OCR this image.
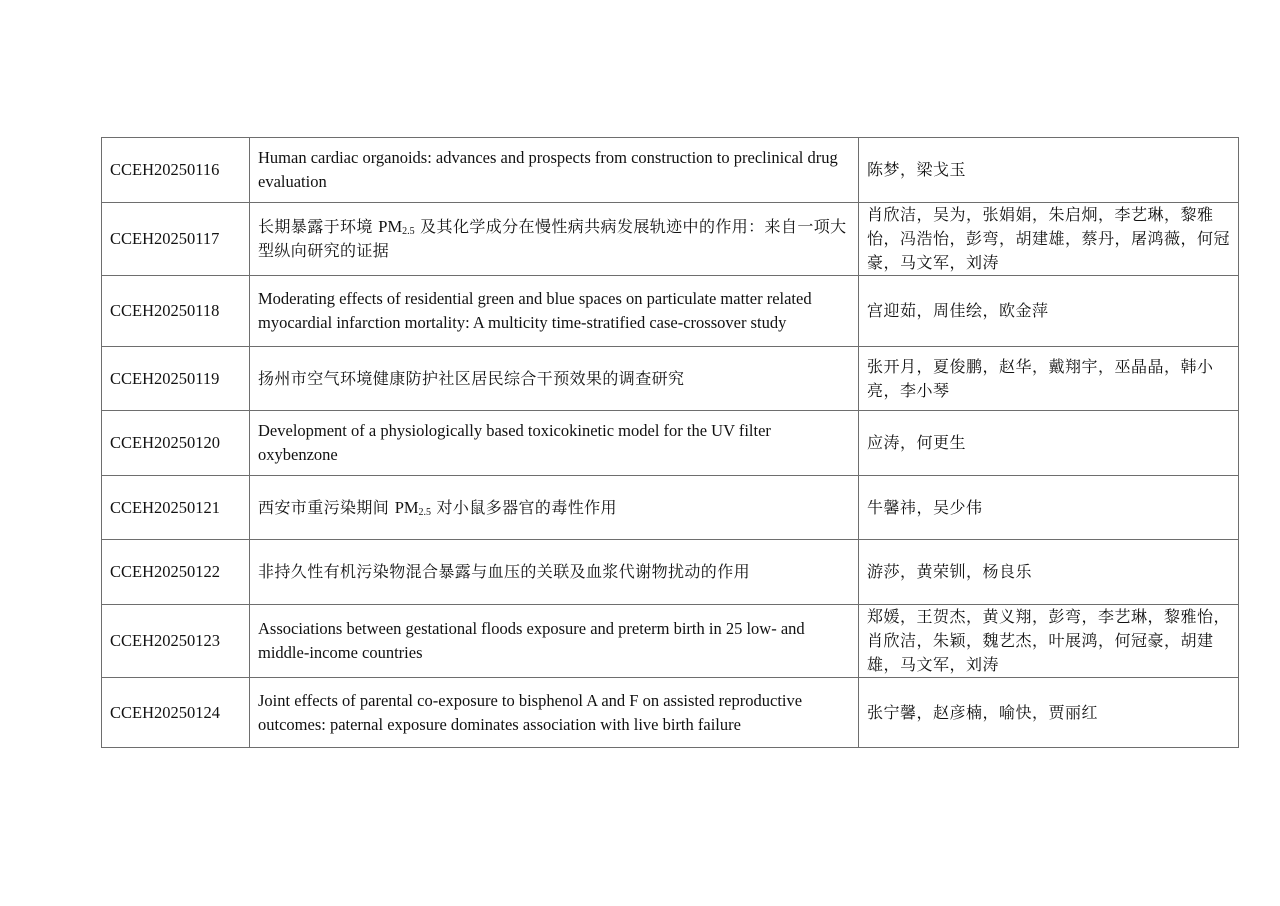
CCEH20250116	Human cardiac organoids: advances and prospects from construction to preclinical drug evaluation	陈梦，梁戈玉
CCEH20250117	长期暴露于环境 $PM_{2.5}$ 及其化学成分在慢性病共病发展轨迹中的作用：来自一项大型纵向研究的证据	肖欣洁，吴为，张娟娟，朱启炯，李艺琳，黎雅怡，冯浩怡，彭弯，胡建雄，蔡丹，屠鸿薇，何冠豪，马文军，刘涛
CCEH20250118	Moderating effects of residential green and blue spaces on particulate matter related myocardial infarction mortality: A multicity time-stratified case-crossover study	宫迎茹，周佳绘，欧金萍
CCEH20250119	扬州市空气环境健康防护社区居民综合干预效果的调查研究	张开月，夏俊鹏，赵华，戴翔宇，巫晶晶，韩小亮，李小琴
CCEH20250120	Development of a physiologically based toxicokinetic model for the UV filter oxybenzone	应涛，何更生
CCEH20250121	西安市重污染期间 $PM_{2.5}$ 对小鼠多器官的毒性作用	牛馨祎，吴少伟
CCEH20250122	非持久性有机污染物混合暴露与血压的关联及血浆代谢物扰动的作用	游莎，黄荣钏，杨良乐
CCEH20250123	Associations between gestational floods exposure and preterm birth in 25 low- and middle-income countries	郑媛，王贺杰，黄义翔，彭弯，李艺琳，黎雅怡，肖欣洁，朱颖，魏艺杰，叶展鸿，何冠豪，胡建雄，马文军，刘涛
CCEH20250124	Joint effects of parental co-exposure to bisphenol A and F on assisted reproductive outcomes: paternal exposure dominates association with live birth failure	张宁馨，赵彦楠，喻快，贾丽红
